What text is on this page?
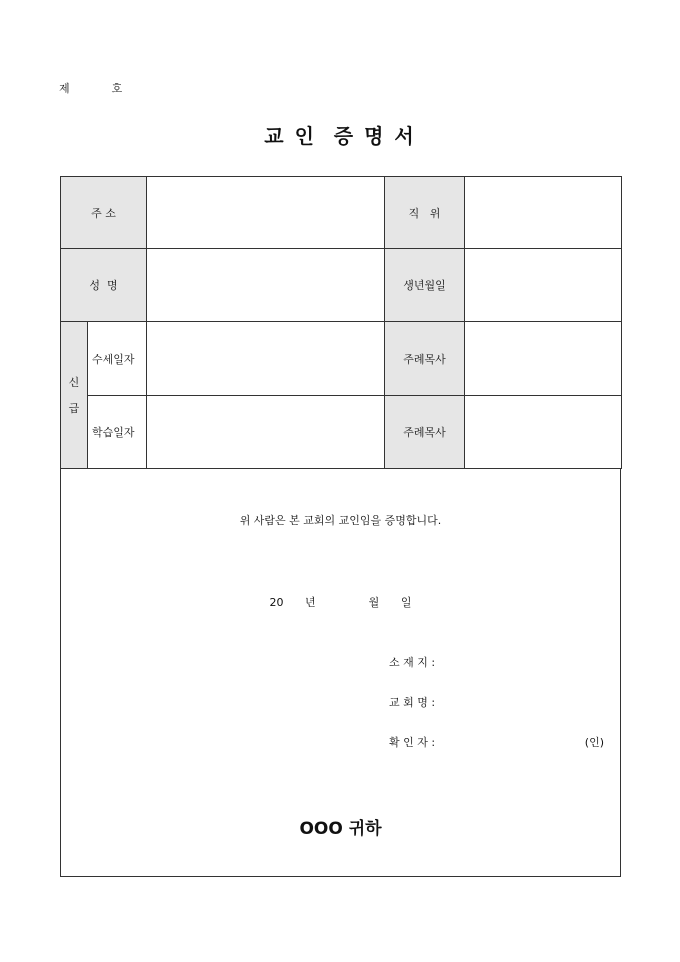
제	호
교 인  증 명 서
주 소			직   위	
성  명			생년월일	
신

급	수세일자		주례목사	
	학습일자		주례목사	
위 사람은 본 교회의 교인임을 증명합니다.
20 년	월 일
소 재 지 :
교 회 명 :
확 인 자 :	(인)
OOO 귀하
